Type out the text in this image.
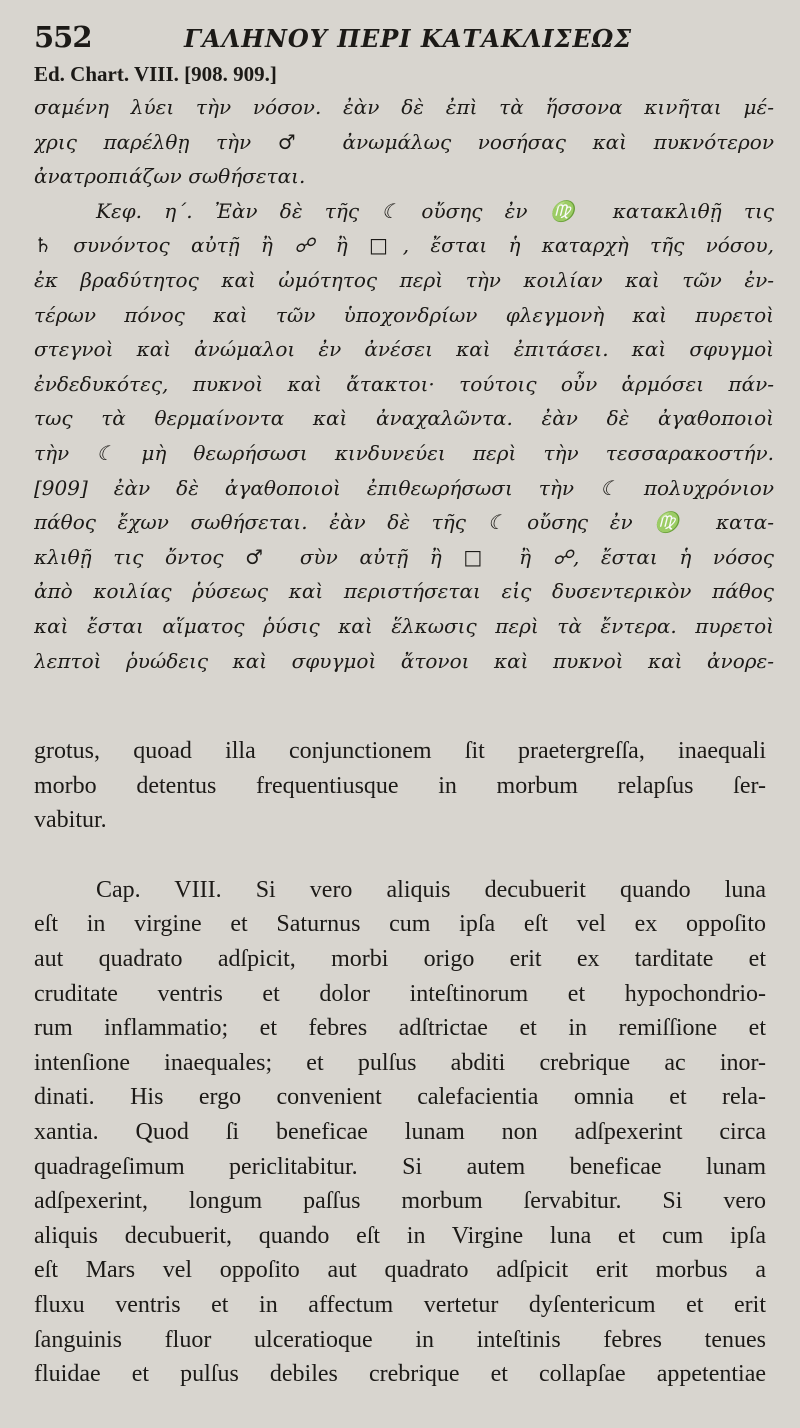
552	ΓΑΛΗΝΟΥ ΠΕΡΙ ΚΑΤΑΚΛΙΣΕΩΣ
Ed. Chart. VIII. [908. 909.]
σαμένη λύει τὴν νόσον. ἐὰν δὲ ἐπὶ τὰ ἥσσονα κινῆται μέ-
χρις παρέλθῃ τὴν ♂ ἀνωμάλως νοσήσας καὶ πυκνότερον
ἀνατροπιάζων σωθήσεται.
Κεφ. η΄. Ἐὰν δὲ τῆς ☾ οὔσης ἐν ♍ κατακλιθῇ τις
♄ συνόντος αὐτῇ ἢ ☍ ἢ □, ἔσται ἡ καταρχὴ τῆς νόσου,
ἐκ βραδύτητος καὶ ὠμότητος περὶ τὴν κοιλίαν καὶ τῶν ἐν-
τέρων πόνος καὶ τῶν ὑποχονδρίων φλεγμονὴ καὶ πυρετοὶ
στεγνοὶ καὶ ἀνώμαλοι ἐν ἀνέσει καὶ ἐπιτάσει. καὶ σφυγμοὶ
ἐνδεδυκότες, πυκνοὶ καὶ ἄτακτοι· τούτοις οὖν ἁρμόσει πάν-
τως τὰ θερμαίνοντα καὶ ἀναχαλῶντα. ἐὰν δὲ ἀγαθοποιοὶ
τὴν ☾ μὴ θεωρήσωσι κινδυνεύει περὶ τὴν τεσσαρακοστήν.
[909] ἐὰν δὲ ἀγαθοποιοὶ ἐπιθεωρήσωσι τὴν ☾ πολυχρόνιον
πάθος ἔχων σωθήσεται. ἐὰν δὲ τῆς ☾ οὔσης ἐν ♍ κατα-
κλιθῇ τις ὄντος ♂ σὺν αὐτῇ ἢ □ ἢ ☍, ἔσται ἡ νόσος
ἀπὸ κοιλίας ῥύσεως καὶ περιστήσεται εἰς δυσεντερικὸν πάθος
καὶ ἔσται αἵματος ῥύσις καὶ ἕλκωσις περὶ τὰ ἔντερα. πυρετοὶ
λεπτοὶ ῥυώδεις καὶ σφυγμοὶ ἄτονοι καὶ πυκνοὶ καὶ ἀνορε-
grotus, quoad illa conjunctionem ſit praetergreſſa, inaequali
morbo detentus frequentiusque in morbum relapſus ſer-
vabitur.
Cap. VIII. Si vero aliquis decubuerit quando luna
eſt in virgine et Saturnus cum ipſa eſt vel ex oppoſito
aut quadrato adſpicit, morbi origo erit ex tarditate et
cruditate ventris et dolor inteſtinorum et hypochondrio-
rum inflammatio; et febres adſtrictae et in remiſſione et
intenſione inaequales; et pulſus abditi crebrique ac inor-
dinati. His ergo convenient calefacientia omnia et rela-
xantia. Quod ſi beneficae lunam non adſpexerint circa
quadrageſimum periclitabitur. Si autem beneficae lunam
adſpexerint, longum paſſus morbum ſervabitur. Si vero
aliquis decubuerit, quando eſt in Virgine luna et cum ipſa
eſt Mars vel oppoſito aut quadrato adſpicit erit morbus a
fluxu ventris et in affectum vertetur dyſentericum et erit
ſanguinis fluor ulceratioque in inteſtinis febres tenues
fluidae et pulſus debiles crebrique et collapſae appetentiae
